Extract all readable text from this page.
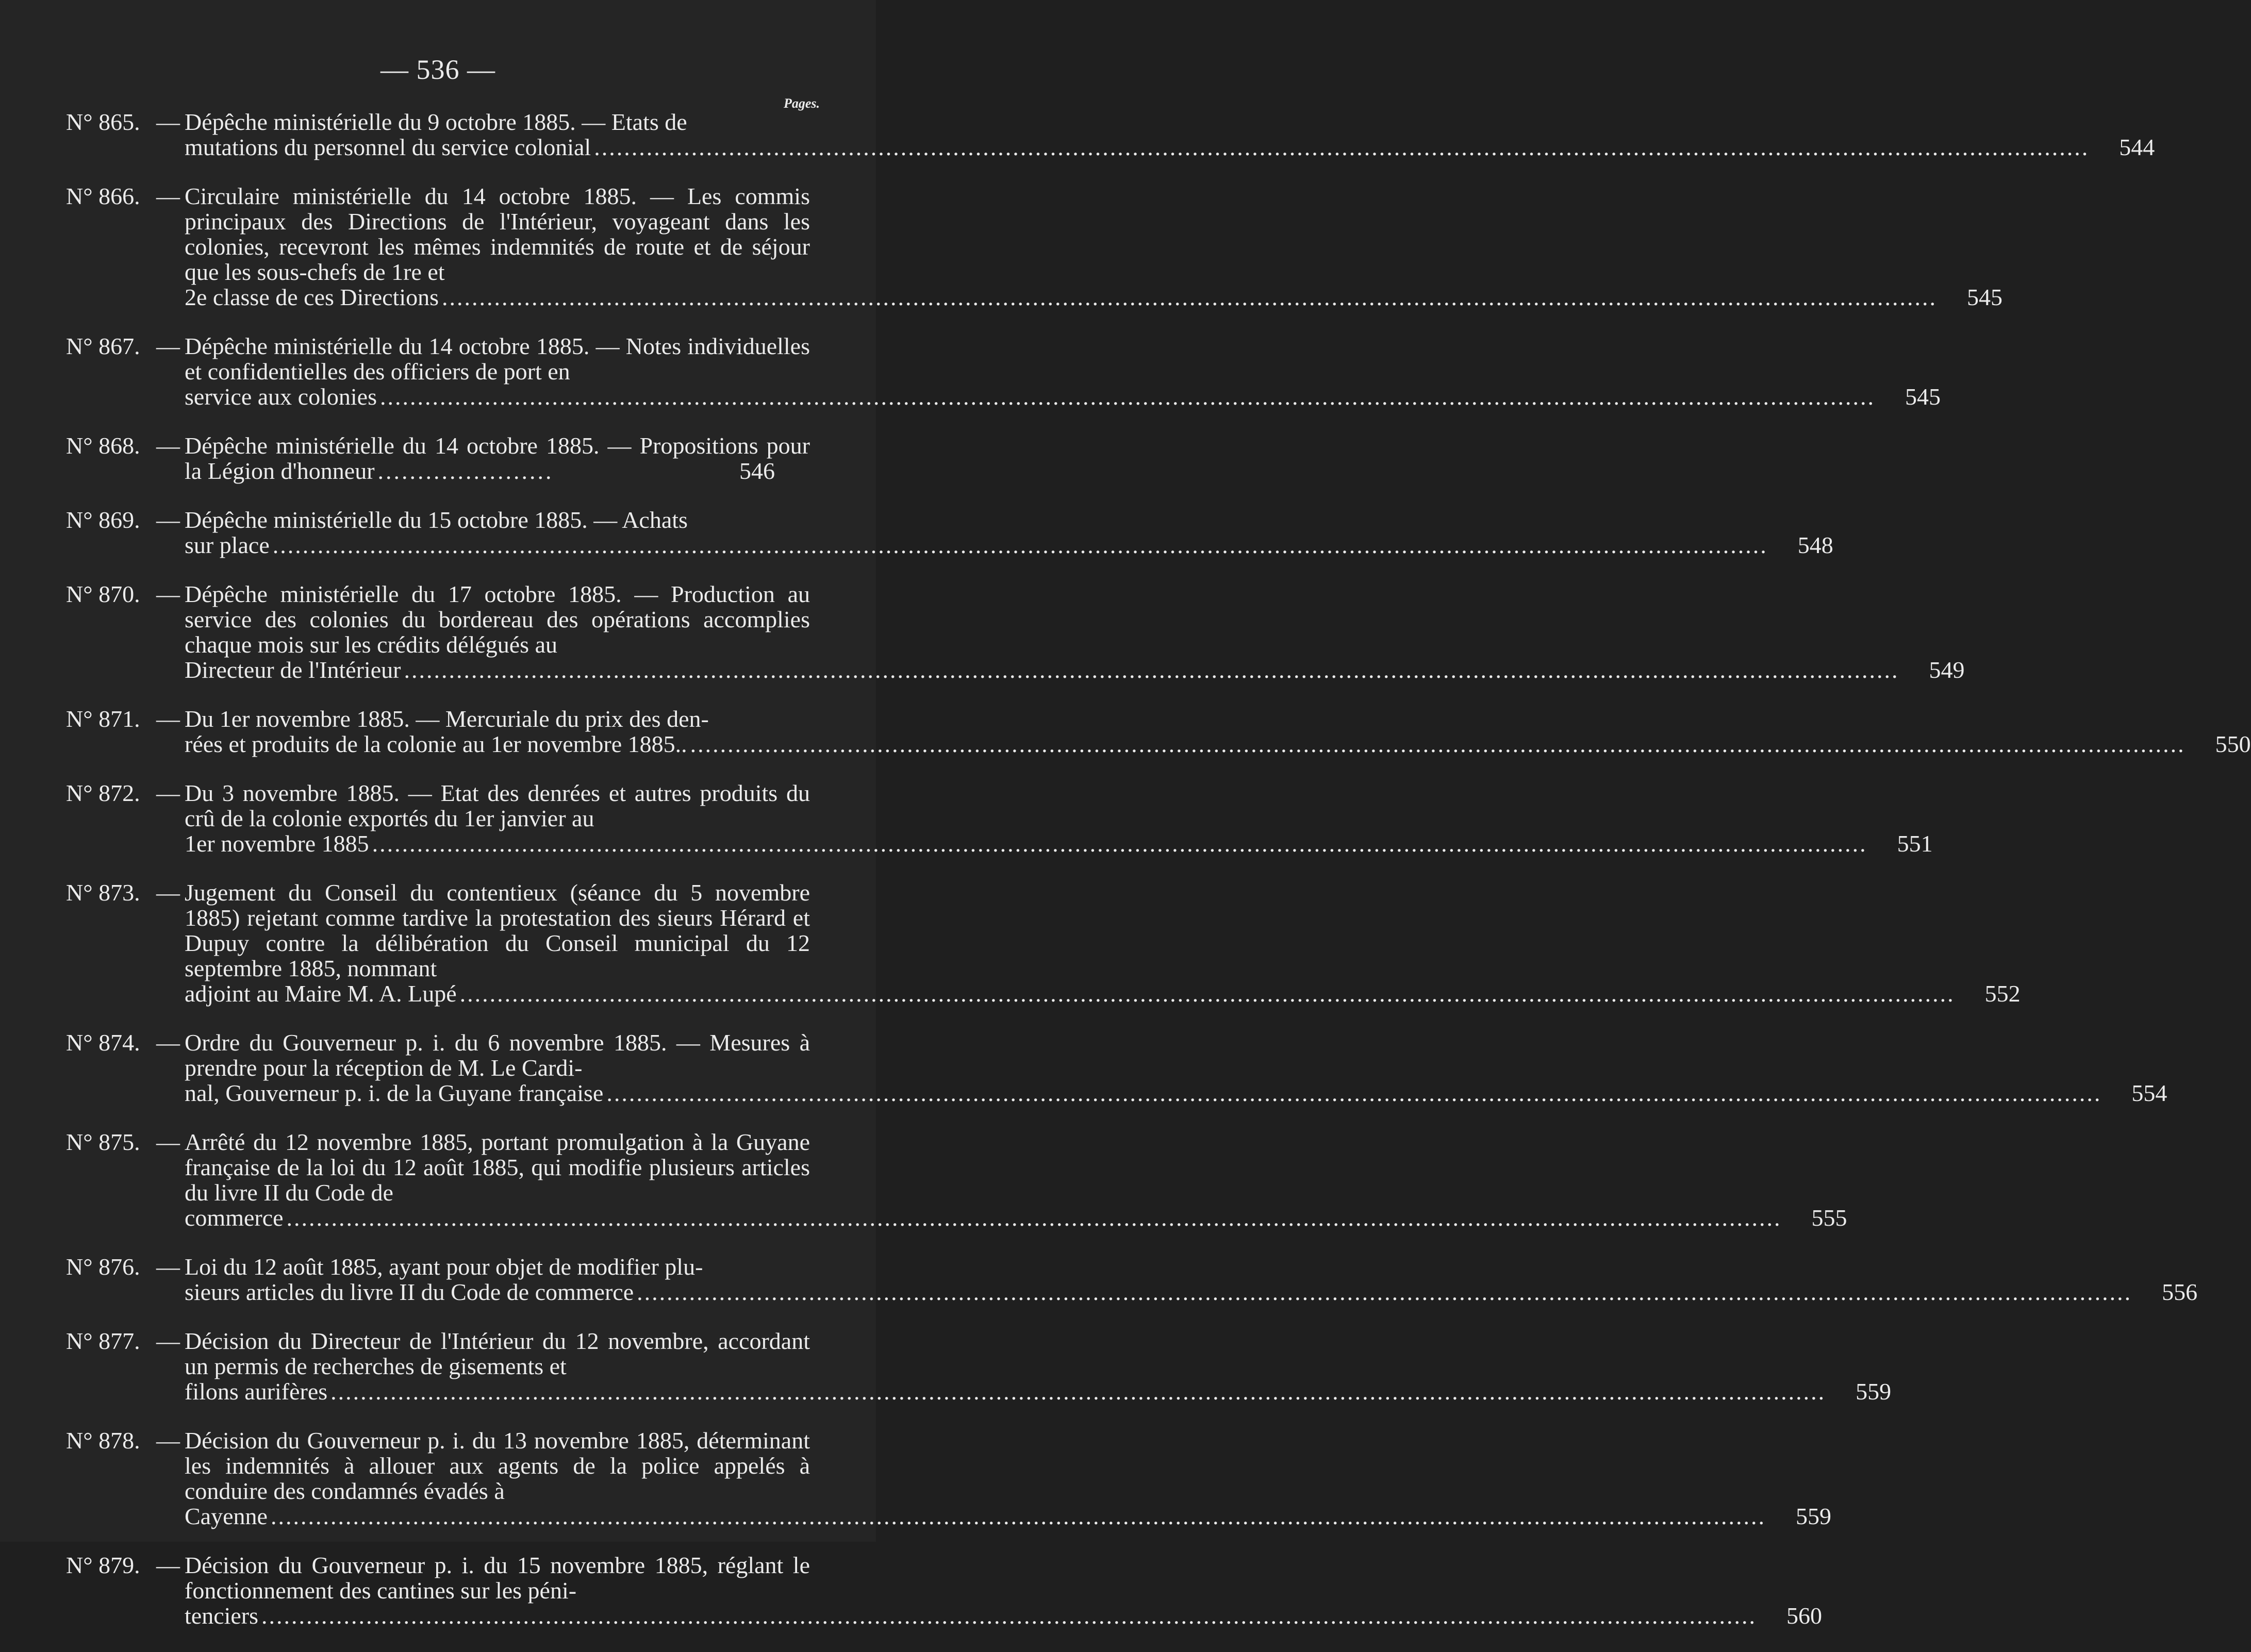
— 536 —
Pages.
N° 865. — Dépêche ministérielle du 9 octobre 1885. — Etats de
mutations du personnel du service colonial ........................................................................................................................................................................................................ 544
N° 866. — Circulaire ministérielle du 14 octobre 1885. — Les commis principaux des Directions de l'Intérieur, voyageant dans les colonies, recevront les mêmes indemnités de route et de séjour que les sous-chefs de 1re et
2e classe de ces Directions ........................................................................................................................................................................................................ 545
N° 867. — Dépêche ministérielle du 14 octobre 1885. — Notes individuelles et confidentielles des officiers de port en
service aux colonies ........................................................................................................................................................................................................ 545
N° 868. — Dépêche ministérielle du 14 octobre 1885. — Propositions pour la Légion d'honneur ......................	546
N° 869. — Dépêche ministérielle du 15 octobre 1885. — Achats
sur place ........................................................................................................................................................................................................ 548
N° 870. — Dépêche ministérielle du 17 octobre 1885. — Production au service des colonies du bordereau des opérations accomplies chaque mois sur les crédits délégués au
Directeur de l'Intérieur ........................................................................................................................................................................................................ 549
N° 871. — Du 1er novembre 1885. — Mercuriale du prix des den-
rées et produits de la colonie au 1er novembre 1885.. ........................................................................................................................................................................................................ 550
N° 872. — Du 3 novembre 1885. — Etat des denrées et autres produits du crû de la colonie exportés du 1er janvier au
1er novembre 1885 ........................................................................................................................................................................................................ 551
N° 873. — Jugement du Conseil du contentieux (séance du 5 novembre 1885) rejetant comme tardive la protestation des sieurs Hérard et Dupuy contre la délibération du Conseil municipal du 12 septembre 1885, nommant
adjoint au Maire M. A. Lupé ........................................................................................................................................................................................................ 552
N° 874. — Ordre du Gouverneur p. i. du 6 novembre 1885. — Mesures à prendre pour la réception de M. Le Cardi-
nal, Gouverneur p. i. de la Guyane française ........................................................................................................................................................................................................ 554
N° 875. — Arrêté du 12 novembre 1885, portant promulgation à la Guyane française de la loi du 12 août 1885, qui modifie plusieurs articles du livre II du Code de
commerce ........................................................................................................................................................................................................ 555
N° 876. — Loi du 12 août 1885, ayant pour objet de modifier plu-
sieurs articles du livre II du Code de commerce ........................................................................................................................................................................................................ 556
N° 877. — Décision du Directeur de l'Intérieur du 12 novembre, accordant un permis de recherches de gisements et
filons aurifères ........................................................................................................................................................................................................ 559
N° 878. — Décision du Gouverneur p. i. du 13 novembre 1885, déterminant les indemnités à allouer aux agents de la police appelés à conduire des condamnés évadés à
Cayenne ........................................................................................................................................................................................................ 559
N° 879. — Décision du Gouverneur p. i. du 15 novembre 1885, réglant le fonctionnement des cantines sur les péni-
tenciers ........................................................................................................................................................................................................ 560
